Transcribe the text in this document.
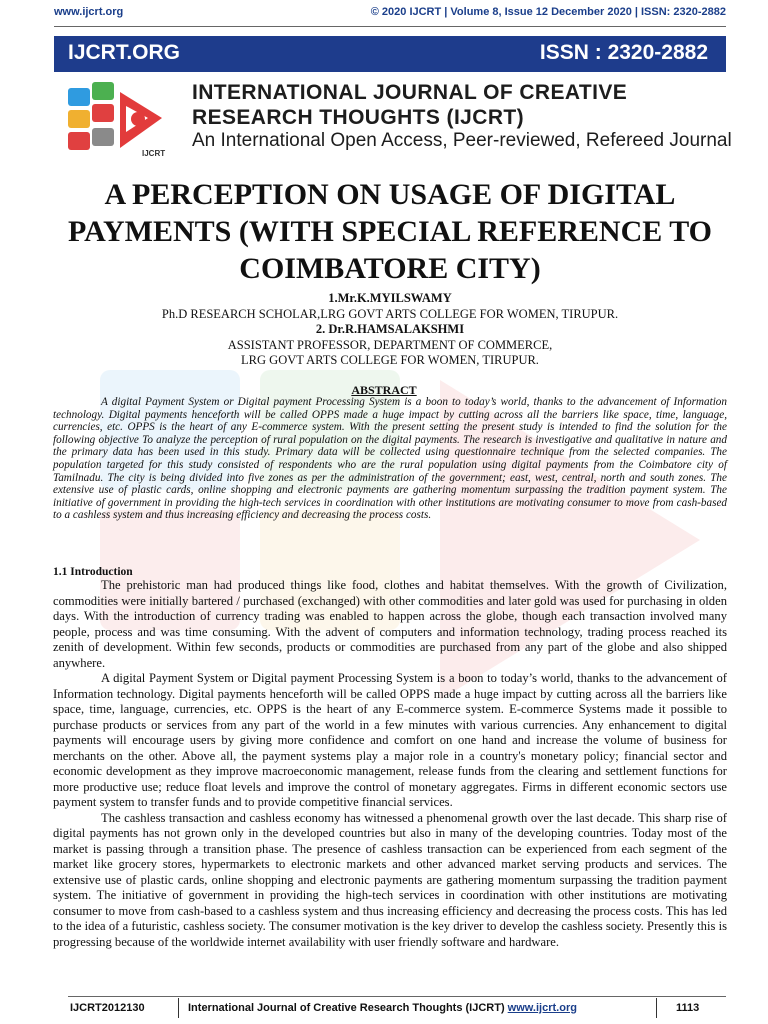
www.ijcrt.org	© 2020 IJCRT | Volume 8, Issue 12 December 2020 | ISSN: 2320-2882
IJCRT.ORG	ISSN : 2320-2882
IJCRT
INTERNATIONAL JOURNAL OF CREATIVE
RESEARCH THOUGHTS (IJCRT)
An International Open Access, Peer-reviewed, Refereed Journal
A PERCEPTION ON USAGE OF DIGITAL
PAYMENTS (WITH SPECIAL REFERENCE TO
COIMBATORE CITY)
1.Mr.K.MYILSWAMY
Ph.D RESEARCH SCHOLAR,LRG GOVT ARTS COLLEGE FOR WOMEN, TIRUPUR.
2. Dr.R.HAMSALAKSHMI
ASSISTANT PROFESSOR, DEPARTMENT OF COMMERCE,
LRG GOVT ARTS COLLEGE FOR WOMEN, TIRUPUR.
ABSTRACT

A digital Payment System or Digital payment Processing System is a boon to today’s world, thanks to the advancement of Information technology. Digital payments henceforth will be called OPPS made a huge impact by cutting across all the barriers like space, time, language, currencies, etc. OPPS is the heart of any E-commerce system. With the present setting the present study is intended to find the solution for the following objective To analyze the perception of rural population on the digital payments. The research is investigative and qualitative in nature and the primary data has been used in this study. Primary data will be collected using questionnaire technique from the selected companies. The population targeted for this study consisted of respondents who are the rural population using digital payments from the Coimbatore city of Tamilnadu. The city is being divided into five zones as per the administration of the government; east, west, central, north and south zones. The extensive use of plastic cards, online shopping and electronic payments are gathering momentum surpassing the tradition payment system. The initiative of government in providing the high-tech services in coordination with other institutions are motivating consumer to move from cash-based to a cashless system and thus increasing efficiency and decreasing the process costs.

1.1 Introduction

The prehistoric man had produced things like food, clothes and habitat themselves. With the growth of Civilization, commodities were initially bartered / purchased (exchanged) with other commodities and later gold was used for purchasing in olden days. With the introduction of currency trading was enabled to happen across the globe, though each transaction involved many people, process and was time consuming. With the advent of computers and information technology, trading process reached its zenith of development. Within few seconds, products or commodities are purchased from any part of the globe and also shipped anywhere.

A digital Payment System or Digital payment Processing System is a boon to today’s world, thanks to the advancement of Information technology. Digital payments henceforth will be called OPPS made a huge impact by cutting across all the barriers like space, time, language, currencies, etc. OPPS is the heart of any E-commerce system. E-commerce Systems made it possible to purchase products or services from any part of the world in a few minutes with various currencies. Any enhancement to digital payments will encourage users by giving more confidence and comfort on one hand and increase the volume of business for merchants on the other. Above all, the payment systems play a major role in a country's monetary policy; financial sector and economic development as they improve macroeconomic management, release funds from the clearing and settlement functions for more productive use; reduce float levels and improve the control of monetary aggregates. Firms in different economic sectors use payment system to transfer funds and to provide competitive financial services.

The cashless transaction and cashless economy has witnessed a phenomenal growth over the last decade. This sharp rise of digital payments has not grown only in the developed countries but also in many of the developing countries. Today most of the market is passing through a transition phase. The presence of cashless transaction can be experienced from each segment of the market like grocery stores, hypermarkets to electronic markets and other advanced market serving products and services. The extensive use of plastic cards, online shopping and electronic payments are gathering momentum surpassing the tradition payment system. The initiative of government in providing the high-tech services in coordination with other institutions are motivating consumer to move from cash-based to a cashless system and thus increasing efficiency and decreasing the process costs. This has led to the idea of a futuristic, cashless society. The consumer motivation is the key driver to develop the cashless society. Presently this is progressing because of the worldwide internet availability with user friendly software and hardware.

IJCRT2012130	International Journal of Creative Research Thoughts (IJCRT) www.ijcrt.org	1113
